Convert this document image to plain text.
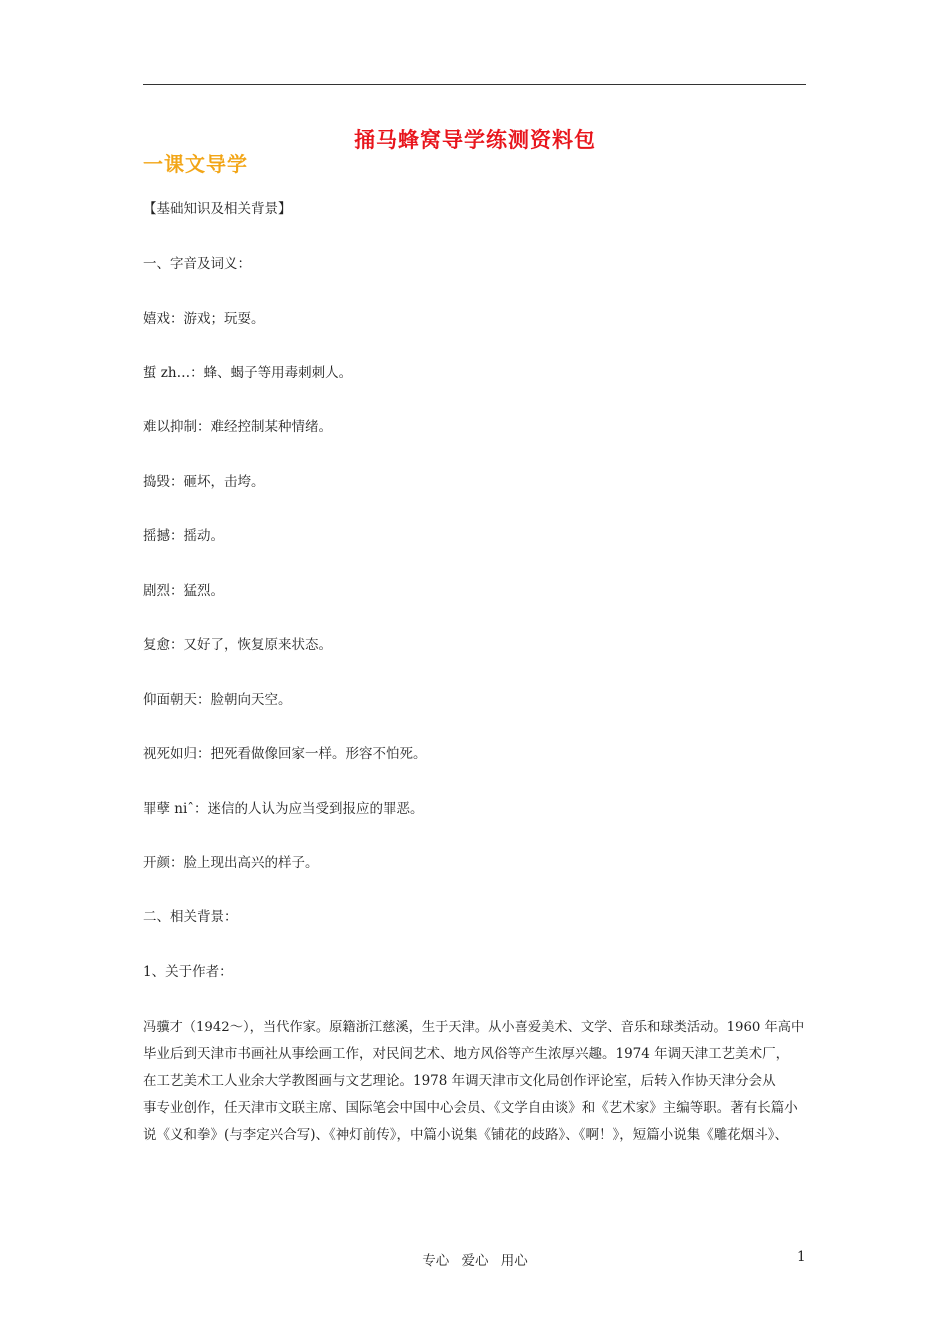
捅马蜂窝导学练测资料包
一课文导学
【基础知识及相关背景】
一、字音及词义：
嬉戏：游戏；玩耍。
蜇 zh…：蜂、蝎子等用毒刺刺人。
难以抑制：难经控制某种情绪。
捣毁：砸坏，击垮。
摇撼：摇动。
剧烈：猛烈。
复愈：又好了，恢复原来状态。
仰面朝天：脸朝向天空。
视死如归：把死看做像回家一样。形容不怕死。
罪孽 niˆ：迷信的人认为应当受到报应的罪恶。
开颜：脸上现出高兴的样子。
二、相关背景：
1、关于作者：
冯骥才（1942～），当代作家。原籍浙江慈溪，生于天津。从小喜爱美术、文学、音乐和球类活动。1960 年高中
毕业后到天津市书画社从事绘画工作，对民间艺术、地方风俗等产生浓厚兴趣。1974 年调天津工艺美术厂，
在工艺美术工人业余大学教图画与文艺理论。1978 年调天津市文化局创作评论室，后转入作协天津分会从
事专业创作，任天津市文联主席、国际笔会中国中心会员、《文学自由谈》和《艺术家》主编等职。著有长篇小
说《义和拳》(与李定兴合写)、《神灯前传》，中篇小说集《铺花的歧路》、《啊！》，短篇小说集《雕花烟斗》、
专心 爱心 用心	1
